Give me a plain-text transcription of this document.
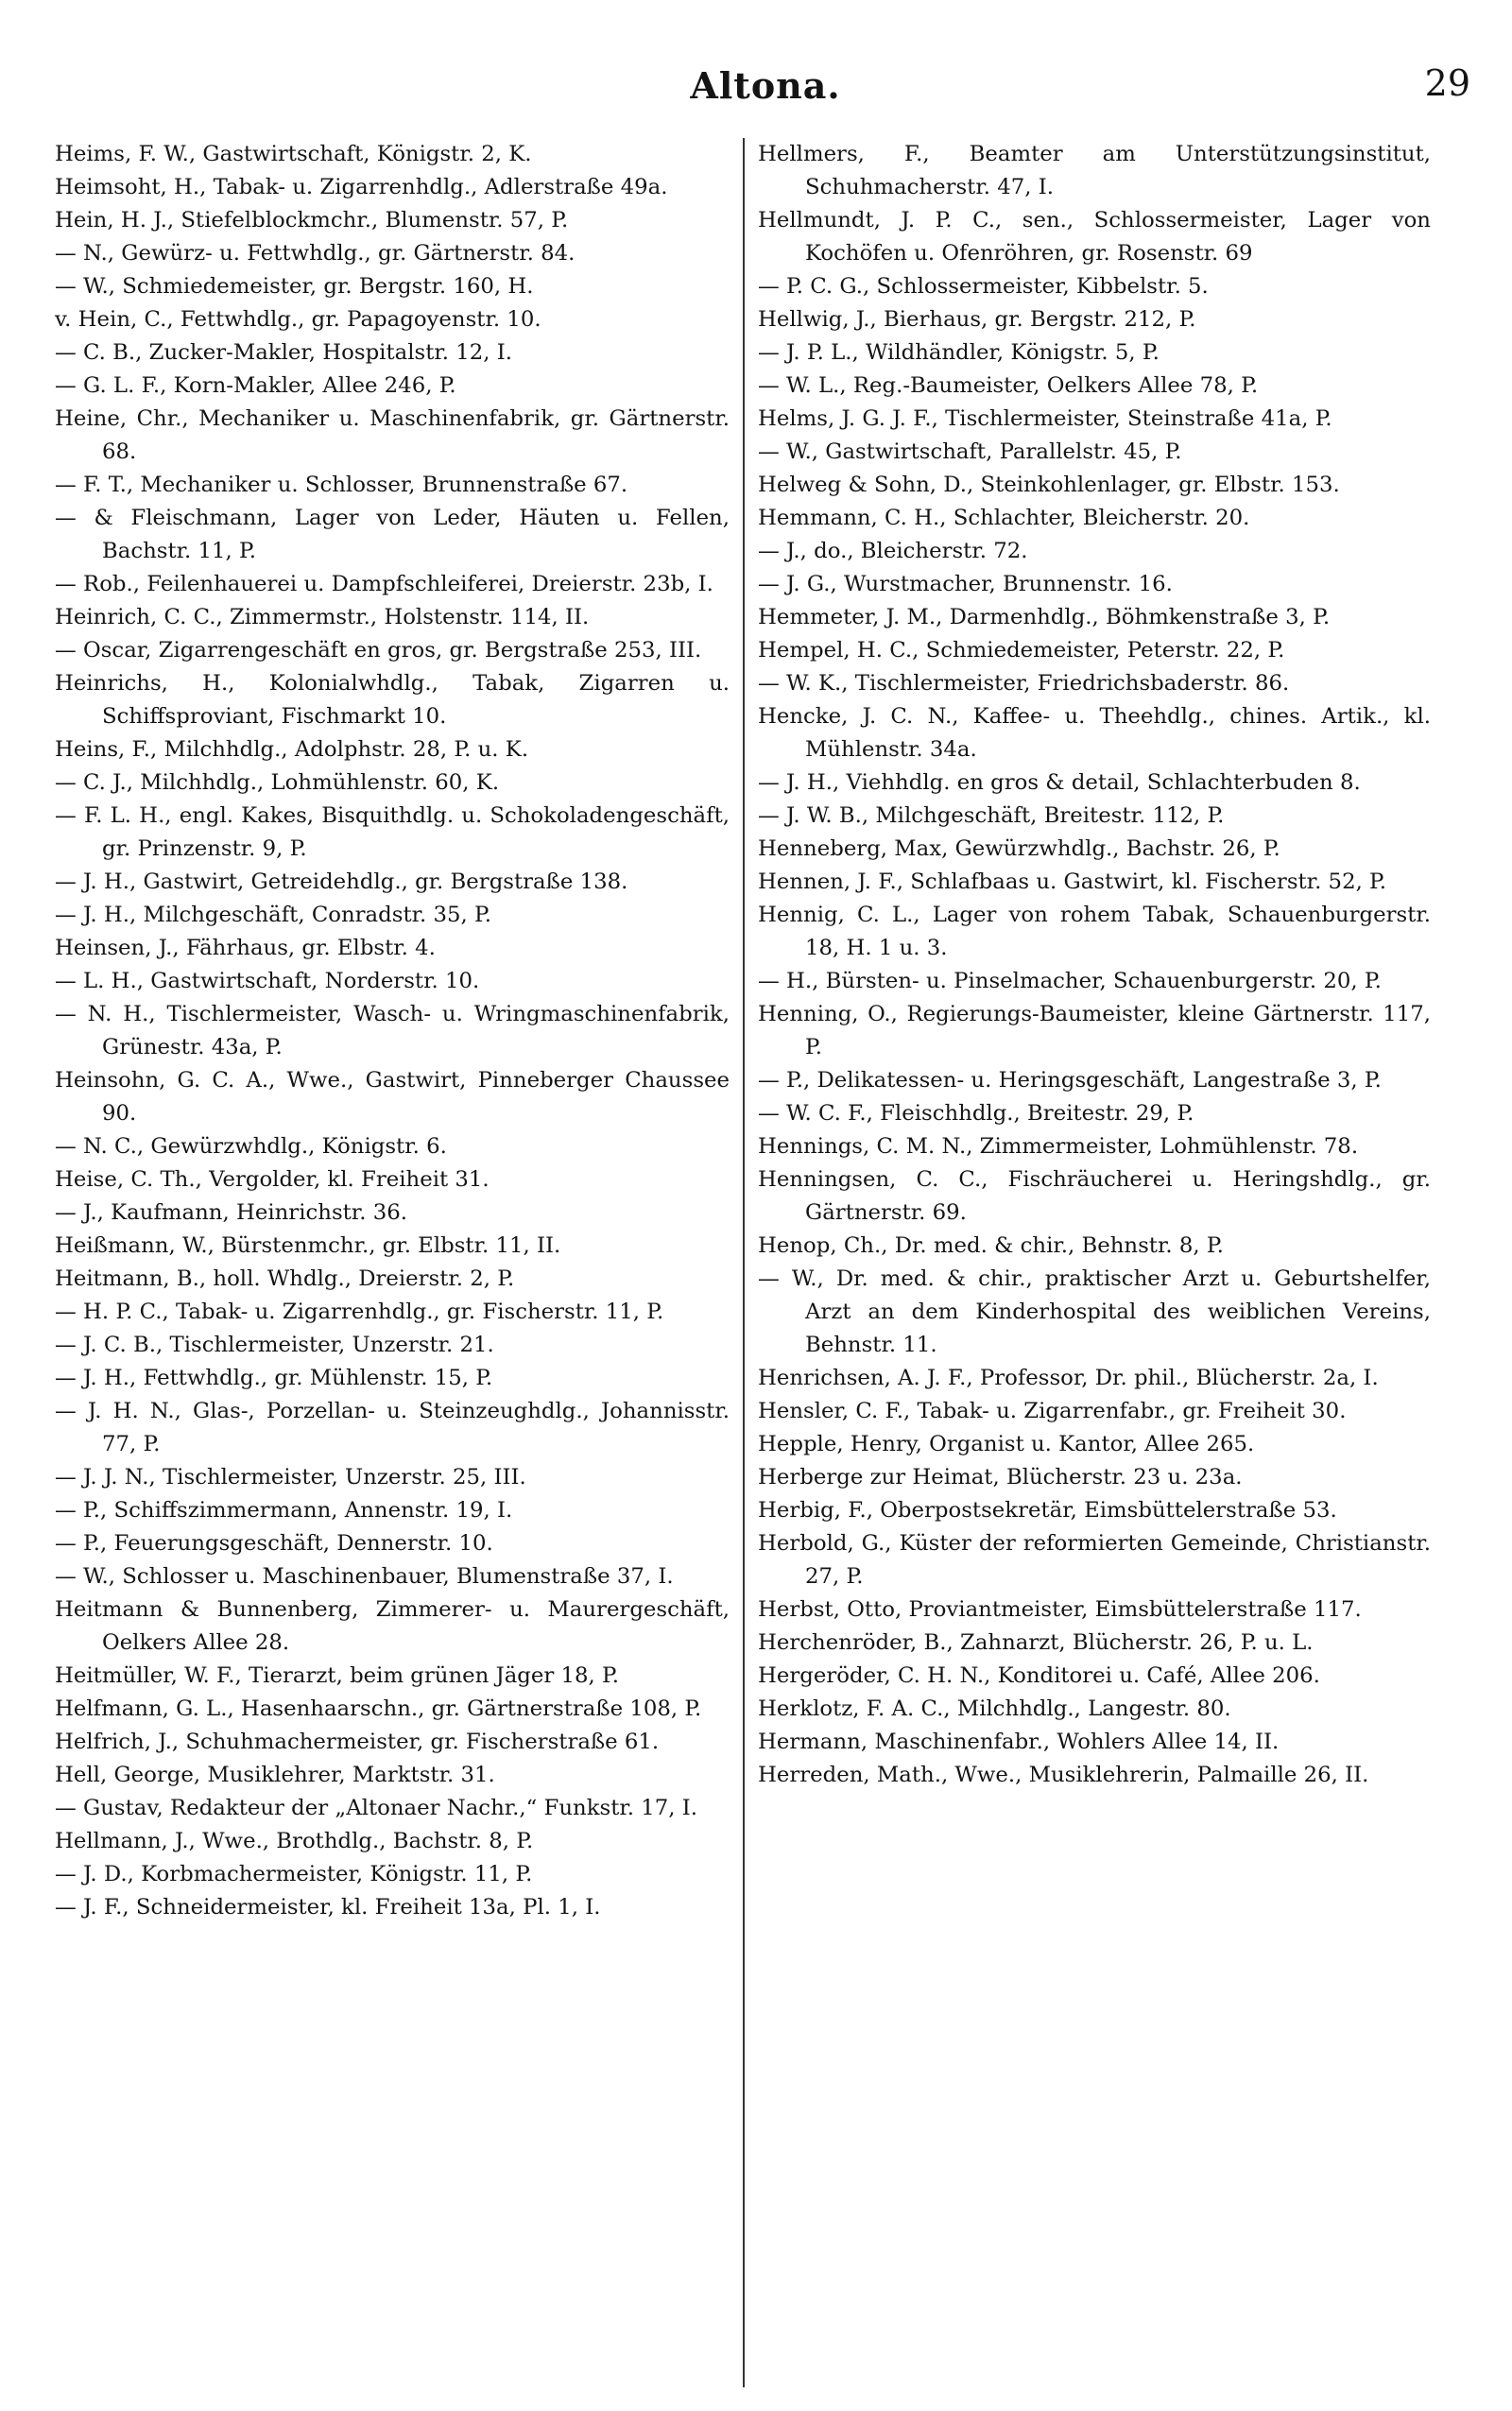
Altona.	29

Heims, F. W., Gastwirtschaft, Königstr. 2, K.

Heimsoht, H., Tabak- u. Zigarrenhdlg., Adlerstraße 49a.

Hein, H. J., Stiefelblockmchr., Blumenstr. 57, P.

— N., Gewürz- u. Fettwhdlg., gr. Gärtnerstr. 84.

— W., Schmiedemeister, gr. Bergstr. 160, H.

v. Hein, C., Fettwhdlg., gr. Papagoyenstr. 10.

— C. B., Zucker-Makler, Hospitalstr. 12, I.

— G. L. F., Korn-Makler, Allee 246, P.

Heine, Chr., Mechaniker u. Maschinenfabrik, gr. Gärtnerstr. 68.

— F. T., Mechaniker u. Schlosser, Brunnenstraße 67.

— & Fleischmann, Lager von Leder, Häuten u. Fellen, Bachstr. 11, P.

— Rob., Feilenhauerei u. Dampfschleiferei, Dreierstr. 23b, I.

Heinrich, C. C., Zimmermstr., Holstenstr. 114, II.

— Oscar, Zigarrengeschäft en gros, gr. Bergstraße 253, III.

Heinrichs, H., Kolonialwhdlg., Tabak, Zigarren u. Schiffsproviant, Fischmarkt 10.

Heins, F., Milchhdlg., Adolphstr. 28, P. u. K.

— C. J., Milchhdlg., Lohmühlenstr. 60, K.

— F. L. H., engl. Kakes, Bisquithdlg. u. Schokoladengeschäft, gr. Prinzenstr. 9, P.

— J. H., Gastwirt, Getreidehdlg., gr. Bergstraße 138.

— J. H., Milchgeschäft, Conradstr. 35, P.

Heinsen, J., Fährhaus, gr. Elbstr. 4.

— L. H., Gastwirtschaft, Norderstr. 10.

— N. H., Tischlermeister, Wasch- u. Wringmaschinenfabrik, Grünestr. 43a, P.

Heinsohn, G. C. A., Wwe., Gastwirt, Pinneberger Chaussee 90.

— N. C., Gewürzwhdlg., Königstr. 6.

Heise, C. Th., Vergolder, kl. Freiheit 31.

— J., Kaufmann, Heinrichstr. 36.

Heißmann, W., Bürstenmchr., gr. Elbstr. 11, II.

Heitmann, B., holl. Whdlg., Dreierstr. 2, P.

— H. P. C., Tabak- u. Zigarrenhdlg., gr. Fischerstr. 11, P.

— J. C. B., Tischlermeister, Unzerstr. 21.

— J. H., Fettwhdlg., gr. Mühlenstr. 15, P.

— J. H. N., Glas-, Porzellan- u. Steinzeughdlg., Johannisstr. 77, P.

— J. J. N., Tischlermeister, Unzerstr. 25, III.

— P., Schiffszimmermann, Annenstr. 19, I.

— P., Feuerungsgeschäft, Dennerstr. 10.

— W., Schlosser u. Maschinenbauer, Blumenstraße 37, I.

Heitmann & Bunnenberg, Zimmerer- u. Maurergeschäft, Oelkers Allee 28.

Heitmüller, W. F., Tierarzt, beim grünen Jäger 18, P.

Helfmann, G. L., Hasenhaarschn., gr. Gärtnerstraße 108, P.

Helfrich, J., Schuhmachermeister, gr. Fischerstraße 61.

Hell, George, Musiklehrer, Marktstr. 31.

— Gustav, Redakteur der „Altonaer Nachr.,“ Funkstr. 17, I.

Hellmann, J., Wwe., Brothdlg., Bachstr. 8, P.

— J. D., Korbmachermeister, Königstr. 11, P.

— J. F., Schneidermeister, kl. Freiheit 13a, Pl. 1, I.

Hellmers, F., Beamter am Unterstützungsinstitut, Schuhmacherstr. 47, I.

Hellmundt, J. P. C., sen., Schlossermeister, Lager von Kochöfen u. Ofenröhren, gr. Rosenstr. 69

— P. C. G., Schlossermeister, Kibbelstr. 5.

Hellwig, J., Bierhaus, gr. Bergstr. 212, P.

— J. P. L., Wildhändler, Königstr. 5, P.

— W. L., Reg.-Baumeister, Oelkers Allee 78, P.

Helms, J. G. J. F., Tischlermeister, Steinstraße 41a, P.

— W., Gastwirtschaft, Parallelstr. 45, P.

Helweg & Sohn, D., Steinkohlenlager, gr. Elbstr. 153.

Hemmann, C. H., Schlachter, Bleicherstr. 20.

— J., do., Bleicherstr. 72.

— J. G., Wurstmacher, Brunnenstr. 16.

Hemmeter, J. M., Darmenhdlg., Böhmkenstraße 3, P.

Hempel, H. C., Schmiedemeister, Peterstr. 22, P.

— W. K., Tischlermeister, Friedrichsbaderstr. 86.

Hencke, J. C. N., Kaffee- u. Theehdlg., chines. Artik., kl. Mühlenstr. 34a.

— J. H., Viehhdlg. en gros & detail, Schlachterbuden 8.

— J. W. B., Milchgeschäft, Breitestr. 112, P.

Henneberg, Max, Gewürzwhdlg., Bachstr. 26, P.

Hennen, J. F., Schlafbaas u. Gastwirt, kl. Fischerstr. 52, P.

Hennig, C. L., Lager von rohem Tabak, Schauenburgerstr. 18, H. 1 u. 3.

— H., Bürsten- u. Pinselmacher, Schauenburgerstr. 20, P.

Henning, O., Regierungs-Baumeister, kleine Gärtnerstr. 117, P.

— P., Delikatessen- u. Heringsgeschäft, Langestraße 3, P.

— W. C. F., Fleischhdlg., Breitestr. 29, P.

Hennings, C. M. N., Zimmermeister, Lohmühlenstr. 78.

Henningsen, C. C., Fischräucherei u. Heringshdlg., gr. Gärtnerstr. 69.

Henop, Ch., Dr. med. & chir., Behnstr. 8, P.

— W., Dr. med. & chir., praktischer Arzt u. Geburtshelfer, Arzt an dem Kinderhospital des weiblichen Vereins, Behnstr. 11.

Henrichsen, A. J. F., Professor, Dr. phil., Blücherstr. 2a, I.

Hensler, C. F., Tabak- u. Zigarrenfabr., gr. Freiheit 30.

Hepple, Henry, Organist u. Kantor, Allee 265.

Herberge zur Heimat, Blücherstr. 23 u. 23a.

Herbig, F., Oberpostsekretär, Eimsbüttelerstraße 53.

Herbold, G., Küster der reformierten Gemeinde, Christianstr. 27, P.

Herbst, Otto, Proviantmeister, Eimsbüttelerstraße 117.

Herchenröder, B., Zahnarzt, Blücherstr. 26, P. u. L.

Hergeröder, C. H. N., Konditorei u. Café, Allee 206.

Herklotz, F. A. C., Milchhdlg., Langestr. 80.

Hermann, Maschinenfabr., Wohlers Allee 14, II.

Herreden, Math., Wwe., Musiklehrerin, Palmaille 26, II.
